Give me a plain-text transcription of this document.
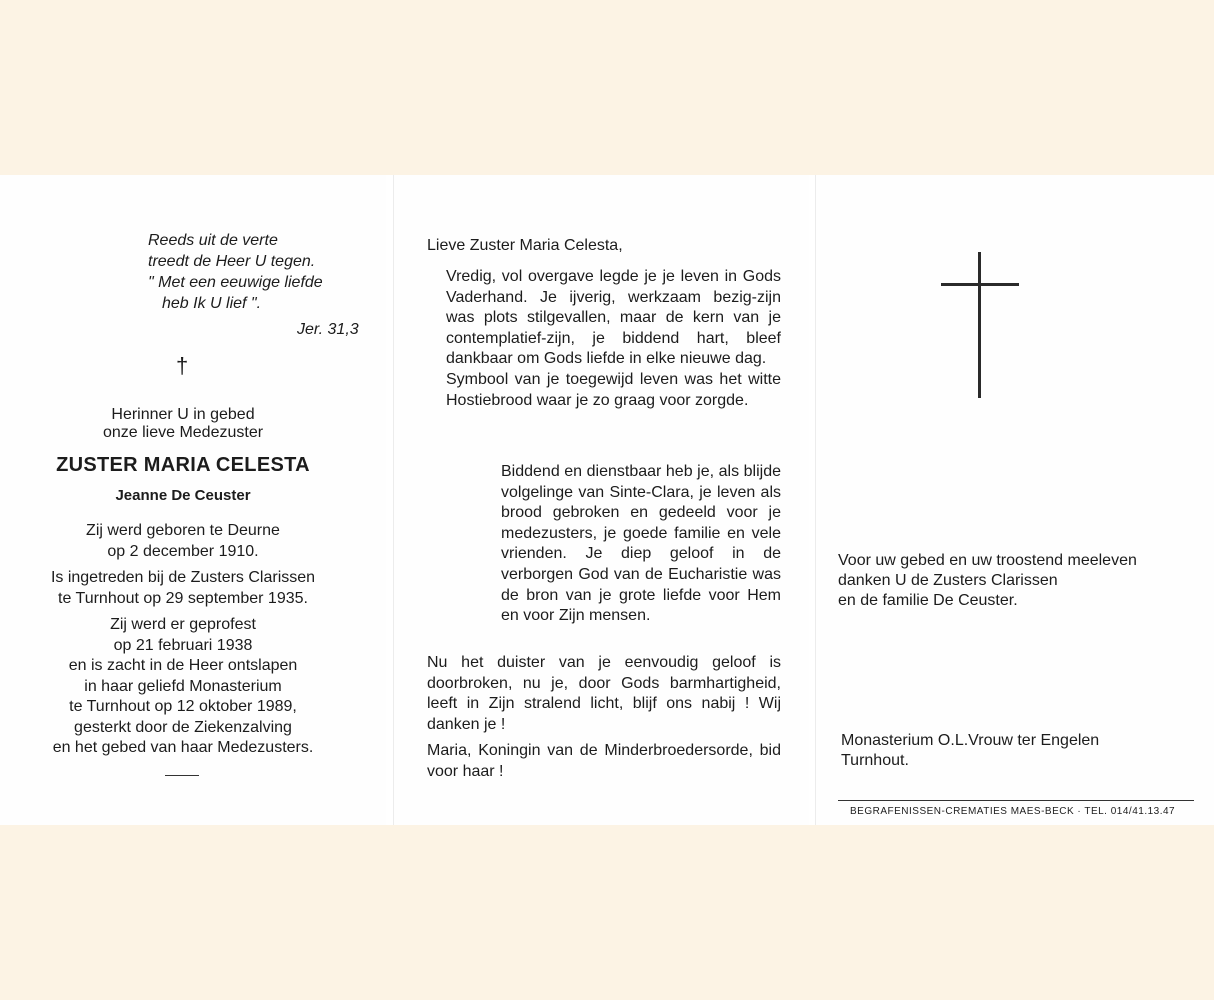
Reeds uit de verte
treedt de Heer U tegen.
" Met een eeuwige liefde
heb Ik U lief ".
Jer. 31,3
†
Herinner U in gebed
onze lieve Medezuster
ZUSTER MARIA CELESTA
Jeanne De Ceuster
Zij werd geboren te Deurne
op 2 december 1910.
Is ingetreden bij de Zusters Clarissen
te Turnhout op 29 september 1935.
Zij werd er geprofest
op 21 februari 1938
en is zacht in de Heer ontslapen
in haar geliefd Monasterium
te Turnhout op 12 oktober 1989,
gesterkt door de Ziekenzalving
en het gebed van haar Medezusters.
Lieve Zuster Maria Celesta,
Vredig, vol overgave legde je je leven in Gods Vaderhand. Je ijverig, werkzaam bezig-zijn was plots stilgevallen, maar de kern van je contemplatief-zijn, je biddend hart, bleef dankbaar om Gods liefde in elke nieuwe dag.
Symbool van je toegewijd leven was het witte Hostiebrood waar je zo graag voor zorgde.
Biddend en dienstbaar heb je, als blijde volgelinge van Sinte-Clara, je leven als brood gebroken en gedeeld voor je medezusters, je goede familie en vele vrienden. Je diep geloof in de verborgen God van de Eucharistie was de bron van je grote liefde voor Hem en voor Zijn mensen.
Nu het duister van je eenvoudig geloof is doorbroken, nu je, door Gods barmhartigheid, leeft in Zijn stralend licht, blijf ons nabij ! Wij danken je !
Maria, Koningin van de Minderbroedersorde, bid voor haar !
Voor uw gebed en uw troostend meeleven
danken U de Zusters Clarissen
en de familie De Ceuster.
Monasterium O.L.Vrouw ter Engelen
Turnhout.
BEGRAFENISSEN-CREMATIES MAES-BECK · TEL. 014/41.13.47
